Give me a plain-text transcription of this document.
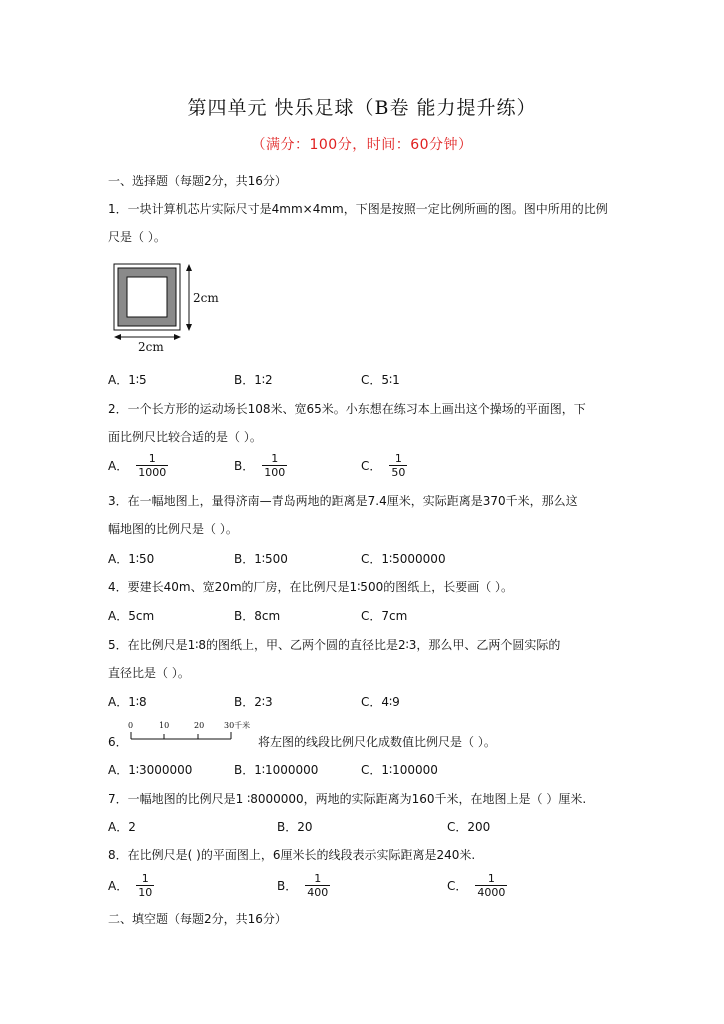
第四单元 快乐足球（B卷 能力提升练）
（满分：100分，时间：60分钟）
一、选择题（每题2分，共16分）
1．一块计算机芯片实际尺寸是4mm×4mm，下图是按照一定比例所画的图。图中所用的比例
尺是（ ）。
2cm
2cm
A．1∶5	B．1∶2	C．5∶1
2．一个长方形的运动场长108米、宽65米。小东想在练习本上画出这个操场的平面图，下
面比例尺比较合适的是（ ）。
A． $\frac{1}{1000}$	B． $\frac{1}{100}$	C． $\frac{1}{50}$
3．在一幅地图上，量得济南—青岛两地的距离是7.4厘米，实际距离是370千米，那么这
幅地图的比例尺是（ ）。
A．1∶50	B．1∶500	C．1∶5000000
4．要建长40m、宽20m的厂房，在比例尺是1∶500的图纸上，长要画（ ）。
A．5cm	B．8cm	C．7cm
5．在比例尺是1∶8的图纸上，甲、乙两个圆的直径比是2∶3，那么甲、乙两个圆实际的
直径比是（ ）。
A．1∶8	B．2∶3	C．4∶9
6．
0	10	20 30千米
将左图的线段比例尺化成数值比例尺是（ ）。
A．1∶3000000	B．1∶1000000	C．1∶100000
7．一幅地图的比例尺是1 ∶8000000，两地的实际距离为160千米，在地图上是（ ）厘米.
A．2	B．20	C．200
8．在比例尺是( )的平面图上，6厘米长的线段表示实际距离是240米.
A． $\frac{1}{10}$	B． $\frac{1}{400}$	C． $\frac{1}{4000}$
二、填空题（每题2分，共16分）
